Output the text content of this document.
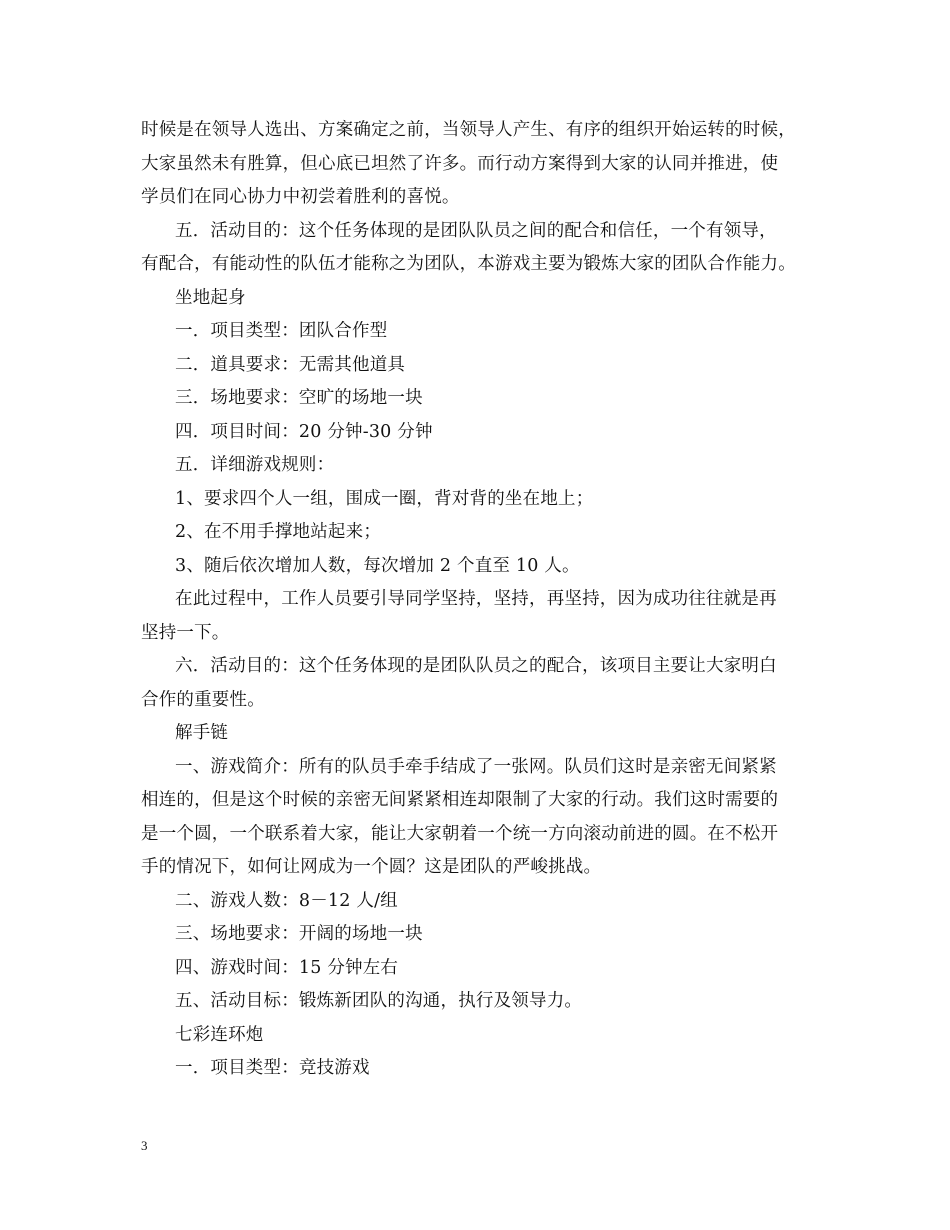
时候是在领导人选出、方案确定之前，当领导人产生、有序的组织开始运转的时候，
大家虽然未有胜算，但心底已坦然了许多。而行动方案得到大家的认同并推进，使
学员们在同心协力中初尝着胜利的喜悦。
五．活动目的：这个任务体现的是团队队员之间的配合和信任，一个有领导，
有配合，有能动性的队伍才能称之为团队，本游戏主要为锻炼大家的团队合作能力。
坐地起身
一．项目类型：团队合作型
二．道具要求：无需其他道具
三．场地要求：空旷的场地一块
四．项目时间：20 分钟-30 分钟
五．详细游戏规则：
1、要求四个人一组，围成一圈，背对背的坐在地上；
2、在不用手撑地站起来；
3、随后依次增加人数，每次增加 2 个直至 10 人。
在此过程中，工作人员要引导同学坚持，坚持，再坚持，因为成功往往就是再
坚持一下。
六．活动目的：这个任务体现的是团队队员之的配合，该项目主要让大家明白
合作的重要性。
解手链
一、游戏简介：所有的队员手牵手结成了一张网。队员们这时是亲密无间紧紧
相连的，但是这个时候的亲密无间紧紧相连却限制了大家的行动。我们这时需要的
是一个圆，一个联系着大家，能让大家朝着一个统一方向滚动前进的圆。在不松开
手的情况下，如何让网成为一个圆？这是团队的严峻挑战。
二、游戏人数：8－12 人/组
三、场地要求：开阔的场地一块
四、游戏时间：15 分钟左右
五、活动目标：锻炼新团队的沟通，执行及领导力。
七彩连环炮
一．项目类型：竞技游戏
3
